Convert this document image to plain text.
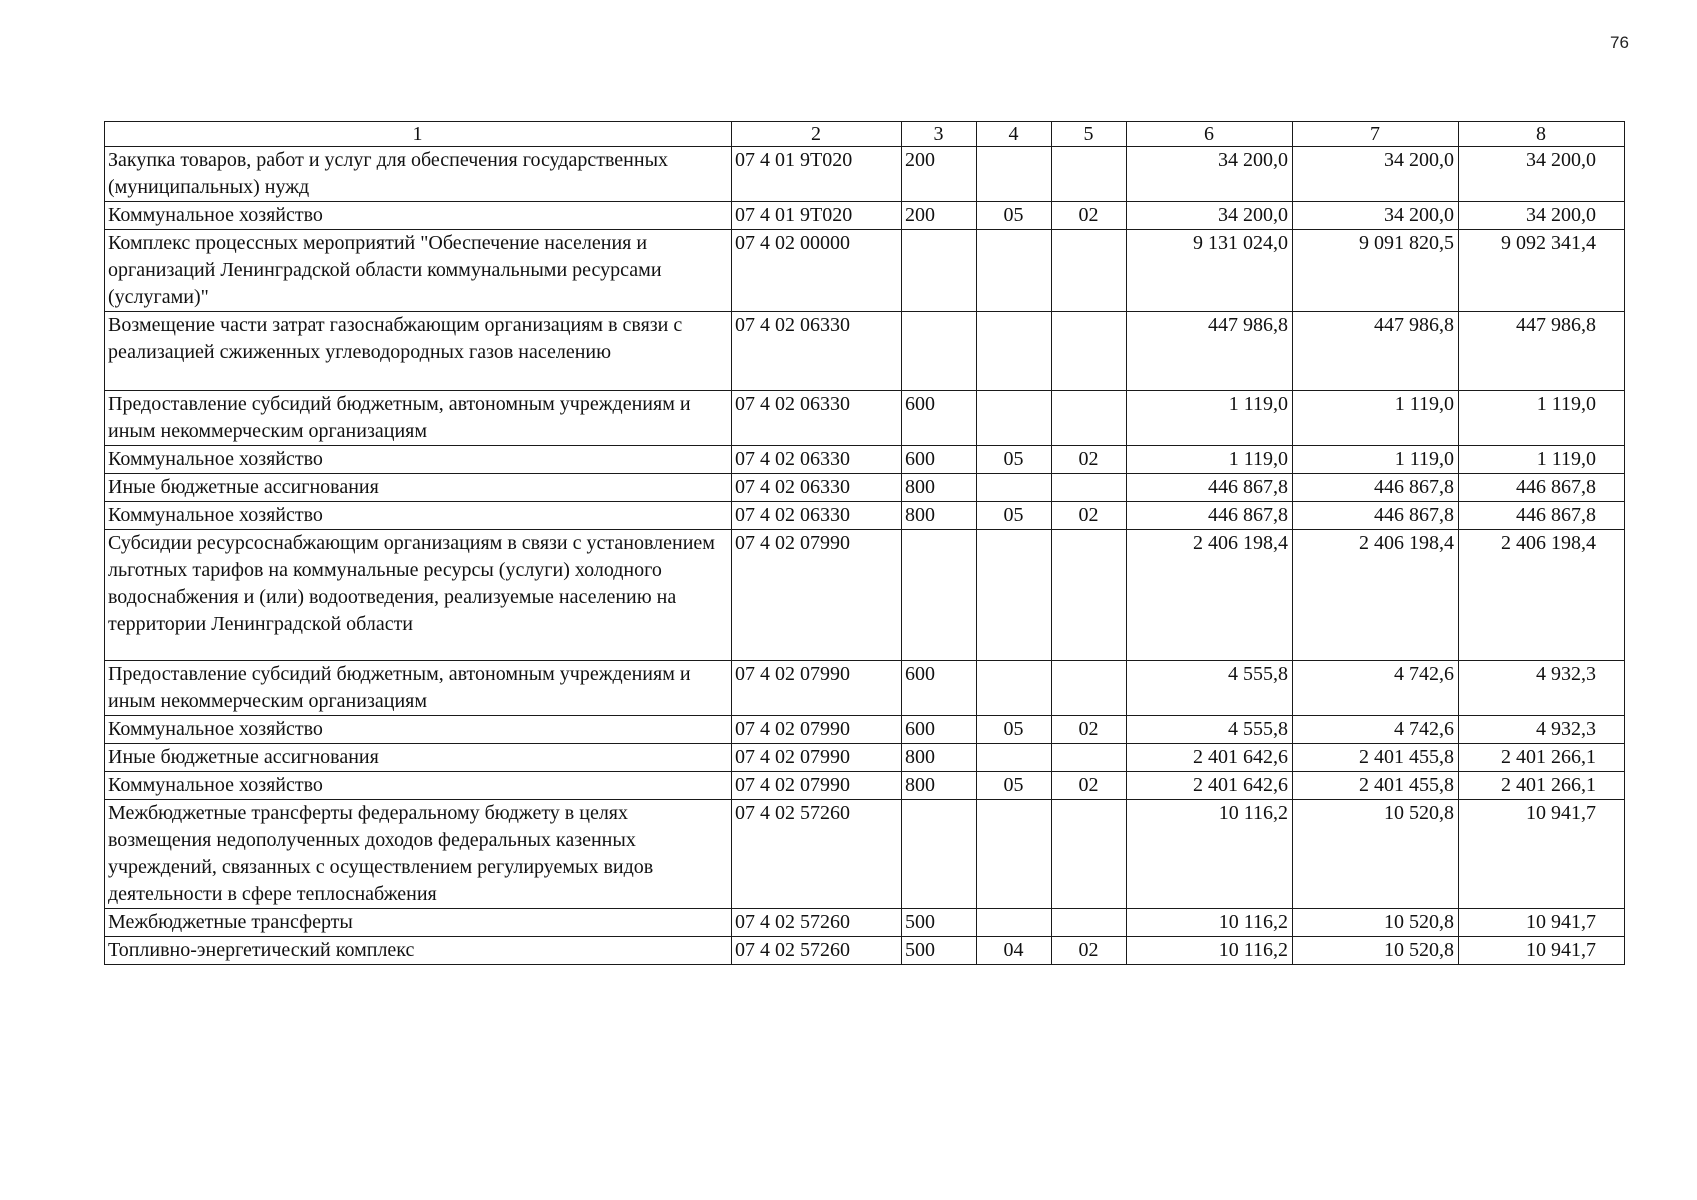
76
1	2	3	4	5	6	7	8
Закупка товаров, работ и услуг для обеспечения государственных (муниципальных) нужд	07 4 01 9Т020	200			34 200,0	34 200,0	34 200,0
Коммунальное хозяйство	07 4 01 9Т020	200	05	02	34 200,0	34 200,0	34 200,0
Комплекс процессных мероприятий "Обеспечение населения и организаций Ленинградской области коммунальными ресурсами (услугами)"	07 4 02 00000				9 131 024,0	9 091 820,5	9 092 341,4
Возмещение части затрат газоснабжающим организациям в связи с реализацией сжиженных углеводородных газов населению	07 4 02 06330				447 986,8	447 986,8	447 986,8
Предоставление субсидий бюджетным, автономным учреждениям и иным некоммерческим организациям	07 4 02 06330	600			1 119,0	1 119,0	1 119,0
Коммунальное хозяйство	07 4 02 06330	600	05	02	1 119,0	1 119,0	1 119,0
Иные бюджетные ассигнования	07 4 02 06330	800			446 867,8	446 867,8	446 867,8
Коммунальное хозяйство	07 4 02 06330	800	05	02	446 867,8	446 867,8	446 867,8
Субсидии ресурсоснабжающим организациям в связи с установлением льготных тарифов на коммунальные ресурсы (услуги) холодного водоснабжения и (или) водоотведения, реализуемые населению на территории Ленинградской области	07 4 02 07990				2 406 198,4	2 406 198,4	2 406 198,4
Предоставление субсидий бюджетным, автономным учреждениям и иным некоммерческим организациям	07 4 02 07990	600			4 555,8	4 742,6	4 932,3
Коммунальное хозяйство	07 4 02 07990	600	05	02	4 555,8	4 742,6	4 932,3
Иные бюджетные ассигнования	07 4 02 07990	800			2 401 642,6	2 401 455,8	2 401 266,1
Коммунальное хозяйство	07 4 02 07990	800	05	02	2 401 642,6	2 401 455,8	2 401 266,1
Межбюджетные трансферты федеральному бюджету в целях возмещения недополученных доходов федеральных казенных учреждений, связанных с осуществлением регулируемых видов деятельности в сфере теплоснабжения	07 4 02 57260				10 116,2	10 520,8	10 941,7
Межбюджетные трансферты	07 4 02 57260	500			10 116,2	10 520,8	10 941,7
Топливно-энергетический комплекс	07 4 02 57260	500	04	02	10 116,2	10 520,8	10 941,7
